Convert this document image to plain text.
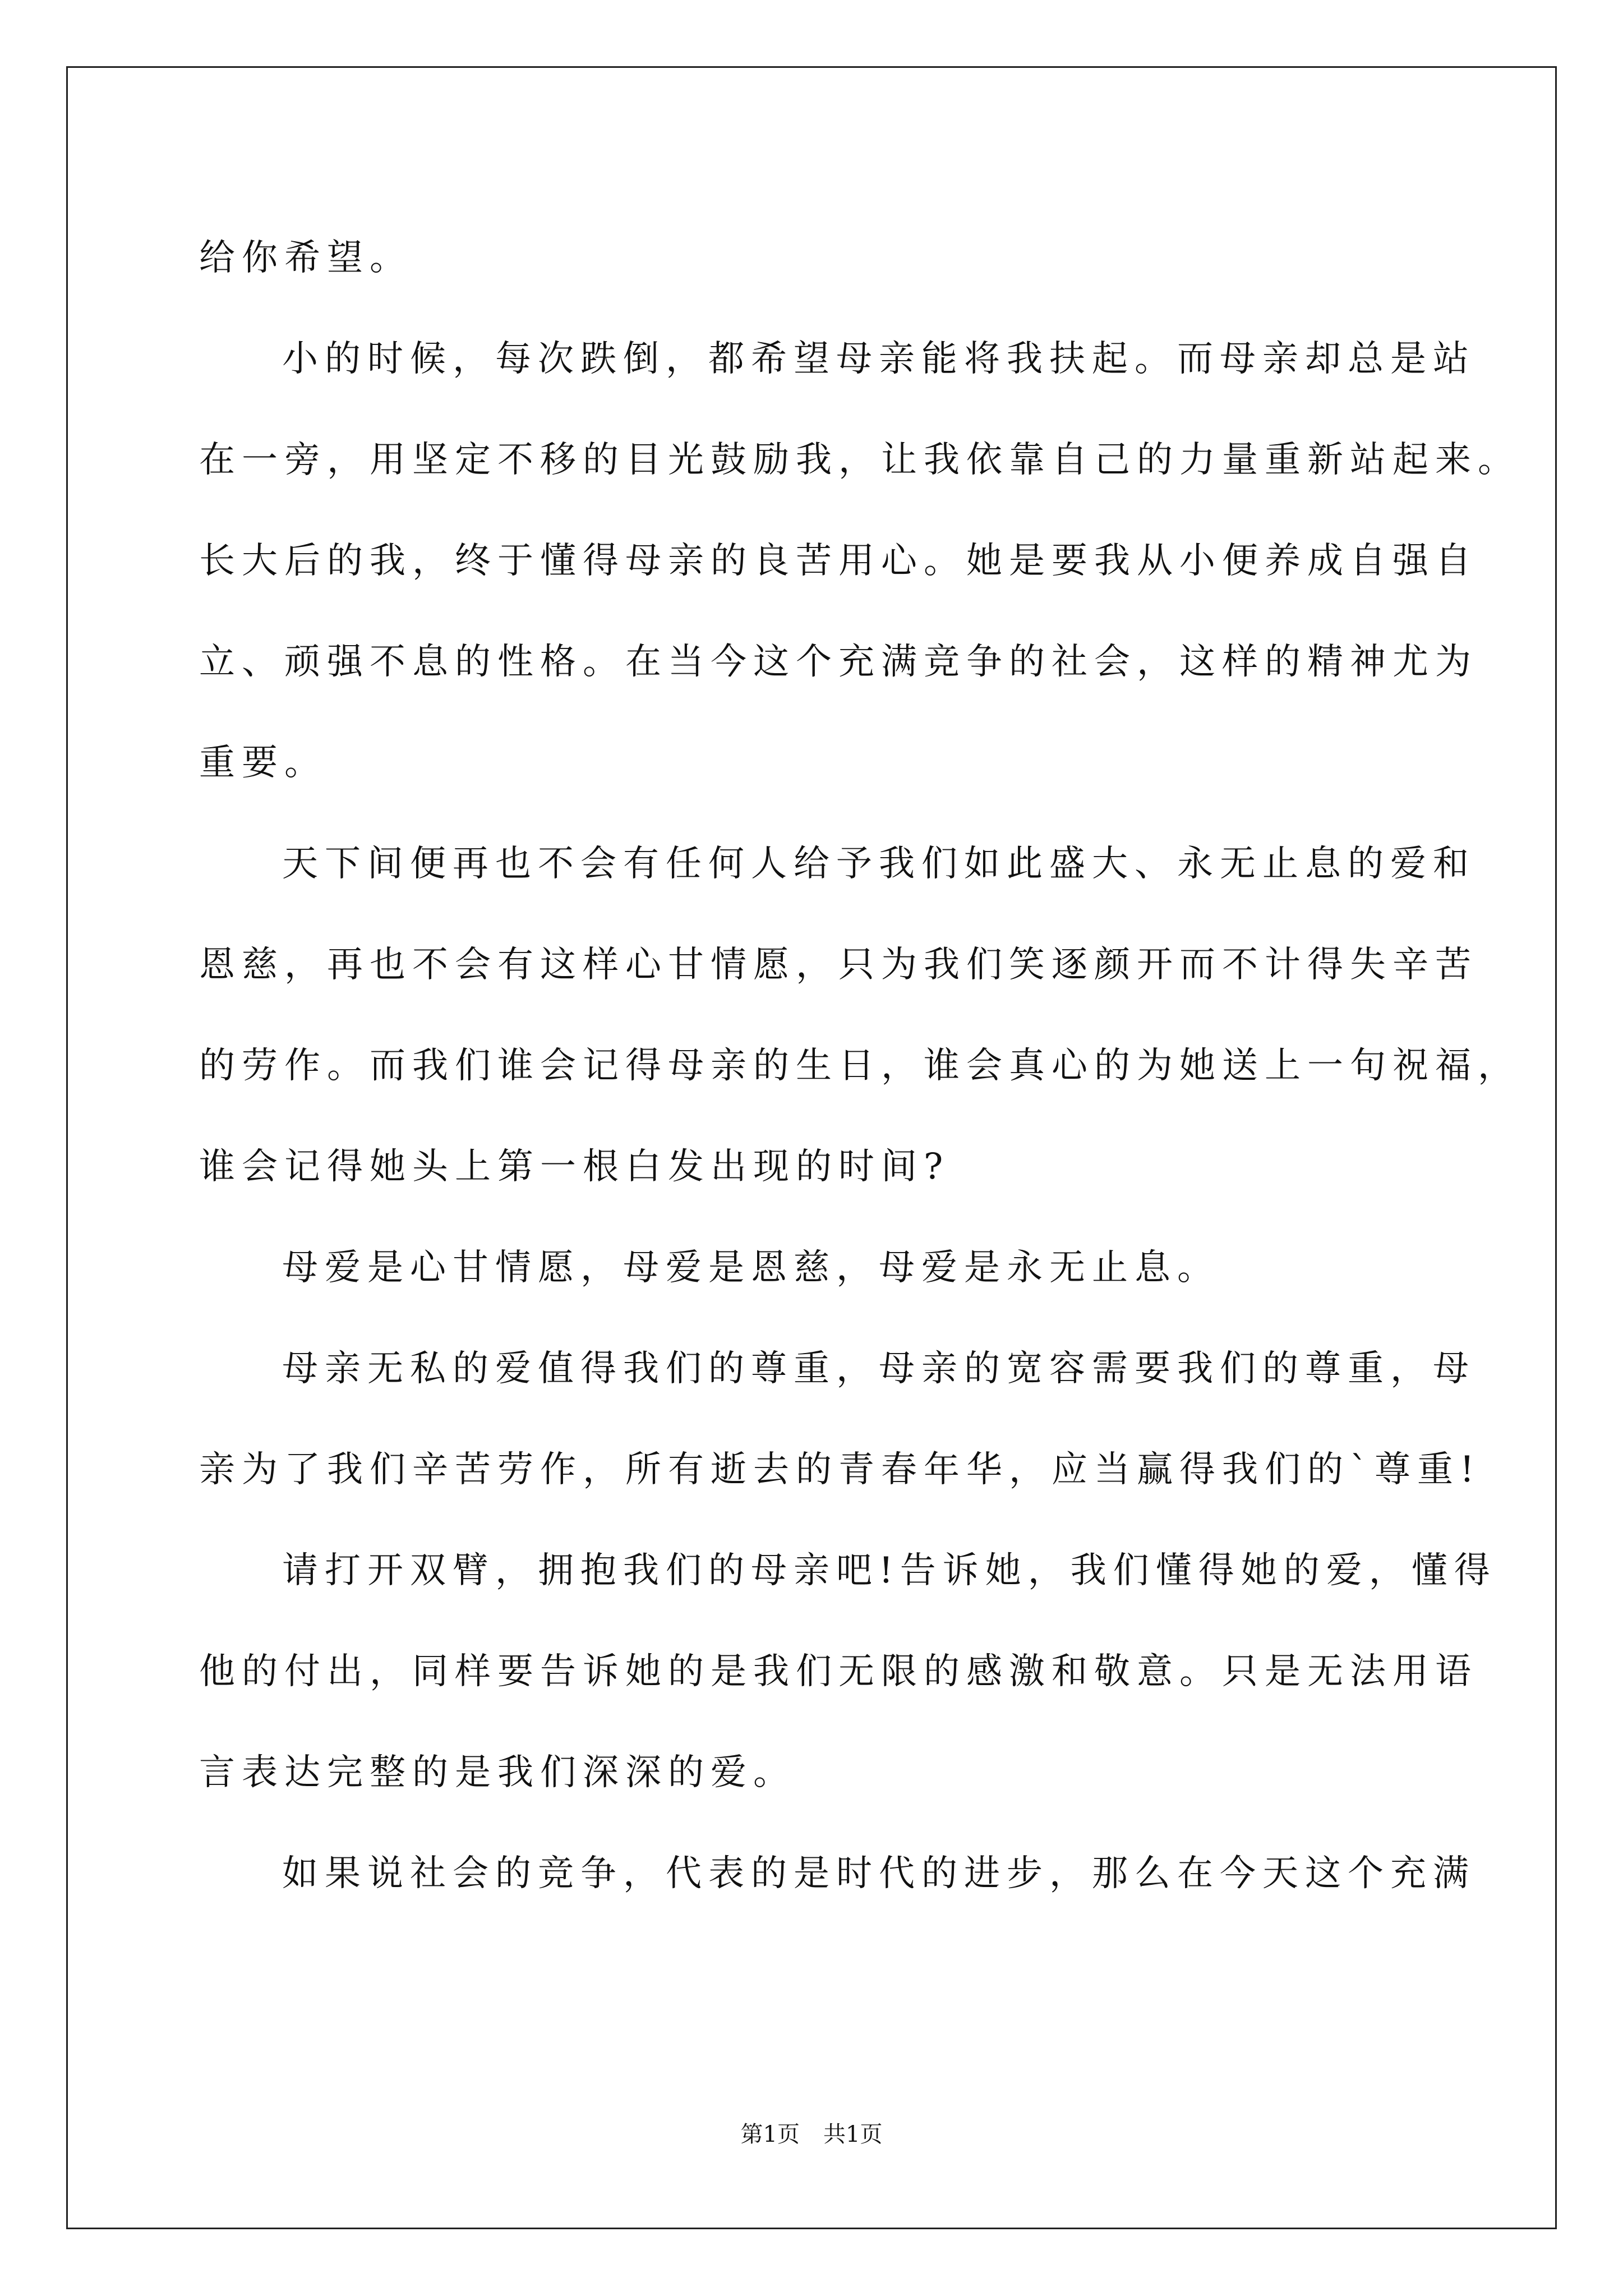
给你希望。

小的时候，每次跌倒，都希望母亲能将我扶起。而母亲却总是站
在一旁，用坚定不移的目光鼓励我，让我依靠自己的力量重新站起来。
长大后的我，终于懂得母亲的良苦用心。她是要我从小便养成自强自
立、顽强不息的性格。在当今这个充满竞争的社会，这样的精神尤为
重要。

天下间便再也不会有任何人给予我们如此盛大、永无止息的爱和
恩慈，再也不会有这样心甘情愿，只为我们笑逐颜开而不计得失辛苦
的劳作。而我们谁会记得母亲的生日，谁会真心的为她送上一句祝福，
谁会记得她头上第一根白发出现的时间?

母爱是心甘情愿，母爱是恩慈，母爱是永无止息。

母亲无私的爱值得我们的尊重，母亲的宽容需要我们的尊重，母
亲为了我们辛苦劳作，所有逝去的青春年华，应当赢得我们的`尊重!

请打开双臂，拥抱我们的母亲吧!告诉她，我们懂得她的爱，懂得
他的付出，同样要告诉她的是我们无限的感激和敬意。只是无法用语
言表达完整的是我们深深的爱。

如果说社会的竞争，代表的是时代的进步，那么在今天这个充满

第1页 共1页
